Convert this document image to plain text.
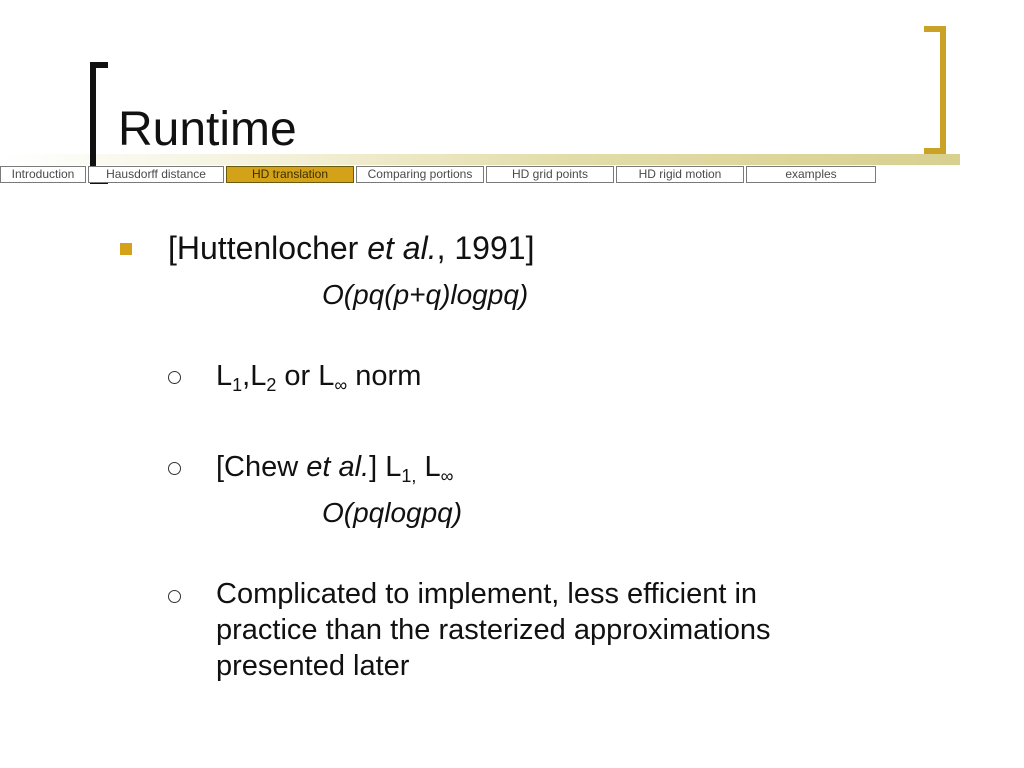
Runtime
Introduction	Hausdorff distance	HD translation	Comparing portions	HD grid points	HD rigid motion	examples
[Huttenlocher et al., 1991]
O(pq(p+q)logpq)
$L_1,L_2$ or $L_\infty$ norm
[Chew et al.] $L_{1,}$ $L_\infty$
O(pqlogpq)
Complicated to implement, less efficient in
practice than the rasterized approximations
presented later
